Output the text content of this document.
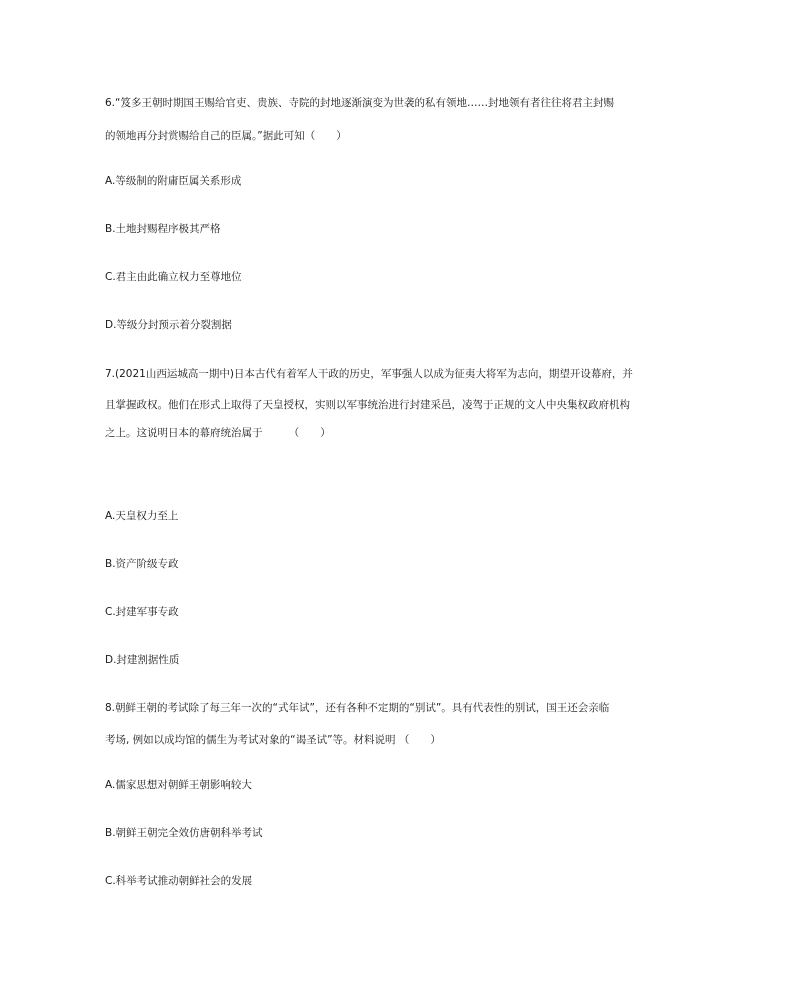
6.“笈多王朝时期国王赐给官吏、贵族、寺院的封地逐渐演变为世袭的私有领地……封地领有者往往将君主封赐
的领地再分封赏赐给自己的臣属。”据此可知（　　）
A.等级制的附庸臣属关系形成
B.土地封赐程序极其严格
C.君主由此确立权力至尊地位
D.等级分封预示着分裂割据
7.(2021山西运城高一期中)日本古代有着军人干政的历史，军事强人以成为征夷大将军为志向，期望开设幕府，并
且掌握政权。他们在形式上取得了天皇授权，实则以军事统治进行封建采邑，凌驾于正规的文人中央集权政府机构
之上。这说明日本的幕府统治属于　　　（　　）
A.天皇权力至上
B.资产阶级专政
C.封建军事专政
D.封建割据性质
8.朝鲜王朝的考试除了每三年一次的“式年试”，还有各种不定期的“别试”。具有代表性的别试，国王还会亲临
考场, 例如以成均馆的儒生为考试对象的“谒圣试”等。材料说明 （　　）
A.儒家思想对朝鲜王朝影响较大
B.朝鲜王朝完全效仿唐朝科举考试
C.科举考试推动朝鲜社会的发展
